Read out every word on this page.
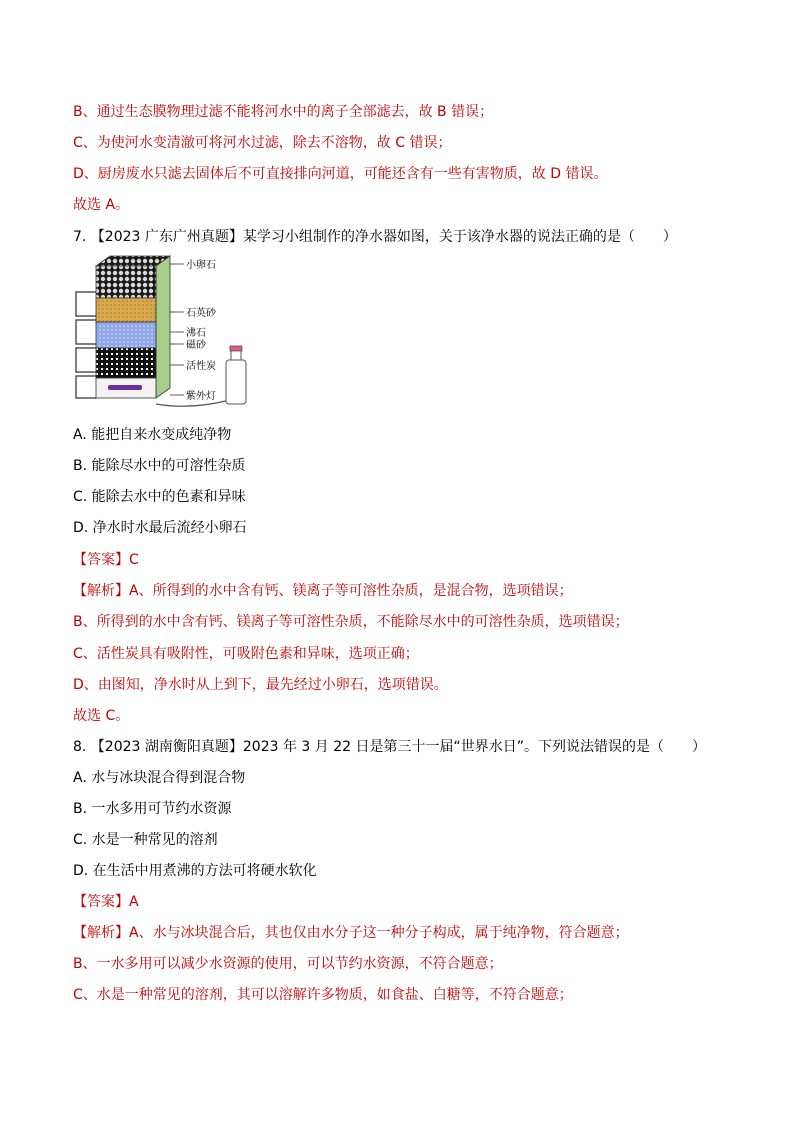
B、通过生态膜物理过滤不能将河水中的离子全部滤去，故 B 错误；
C、为使河水变清澈可将河水过滤，除去不溶物，故 C 错误；
D、厨房废水只滤去固体后不可直接排向河道，可能还含有一些有害物质，故 D 错误。
故选 A。
7. 【2023 广东广州真题】某学习小组制作的净水器如图，关于该净水器的说法正确的是（　　）
小卵石
石英砂
沸石
磁砂
活性炭
紫外灯
A. 能把自来水变成纯净物
B. 能除尽水中的可溶性杂质
C. 能除去水中的色素和异味
D. 净水时水最后流经小卵石
【答案】C
【解析】A、所得到的水中含有钙、镁离子等可溶性杂质，是混合物，选项错误；
B、所得到的水中含有钙、镁离子等可溶性杂质，不能除尽水中的可溶性杂质，选项错误；
C、活性炭具有吸附性，可吸附色素和异味，选项正确；
D、由图知，净水时从上到下，最先经过小卵石，选项错误。
故选 C。
8. 【2023 湖南衡阳真题】2023 年 3 月 22 日是第三十一届“世界水日”。下列说法错误的是（　　）
A. 水与冰块混合得到混合物
B. 一水多用可节约水资源
C. 水是一种常见的溶剂
D. 在生活中用煮沸的方法可将硬水软化
【答案】A
【解析】A、水与冰块混合后，其也仅由水分子这一种分子构成，属于纯净物，符合题意；
B、一水多用可以减少水资源的使用，可以节约水资源，不符合题意；
C、水是一种常见的溶剂，其可以溶解许多物质，如食盐、白糖等，不符合题意；
